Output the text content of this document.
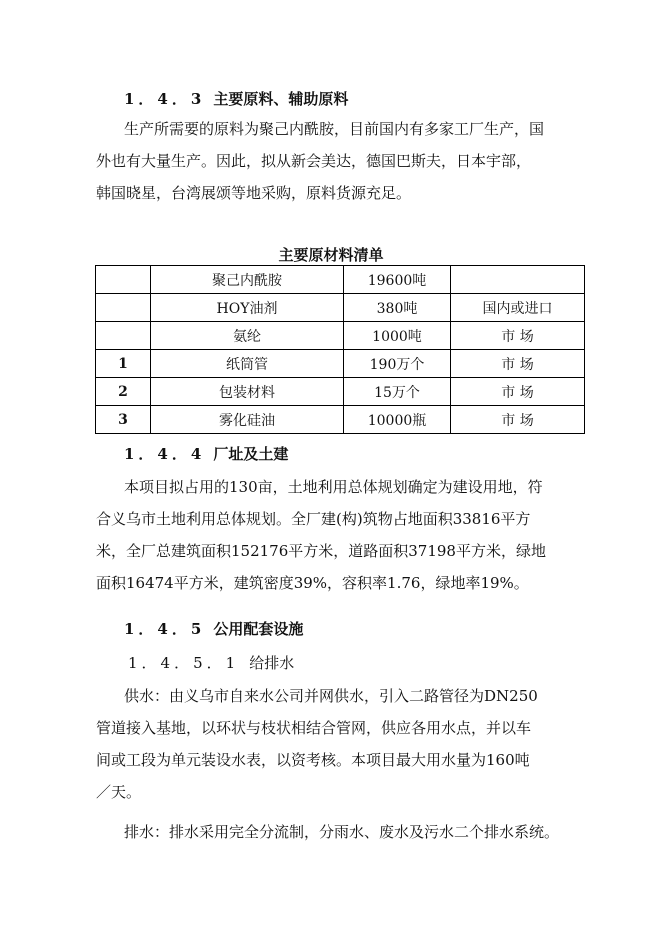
1．4．3 主要原料、辅助原料
生产所需要的原料为聚己内酰胺，目前国内有多家工厂生产，国
外也有大量生产。因此，拟从新会美达，德国巴斯夫，日本宇部，
韩国晓星，台湾展颂等地采购，原料货源充足。
主要原材料清单
	聚己内酰胺	19600吨	
	HOY油剂	380吨	国内或进口
	氨纶	1000吨	市 场
1	纸筒管	190万个	市 场
2	包装材料	15万个	市 场
3	雾化硅油	10000瓶	市 场
1．4．4 厂址及土建
本项目拟占用的130亩，土地利用总体规划确定为建设用地，符
合义乌市土地利用总体规划。全厂建(构)筑物占地面积33816平方
米，全厂总建筑面积152176平方米，道路面积37198平方米，绿地
面积16474平方米，建筑密度39%，容积率1.76，绿地率19%。
1．4．5 公用配套设施
1．4．5．1 给排水
供水：由义乌市自来水公司并网供水，引入二路管径为DN250
管道接入基地，以环状与枝状相结合管网，供应各用水点，并以车
间或工段为单元装设水表，以资考核。本项目最大用水量为160吨
／天。
排水：排水采用完全分流制，分雨水、废水及污水二个排水系统。
